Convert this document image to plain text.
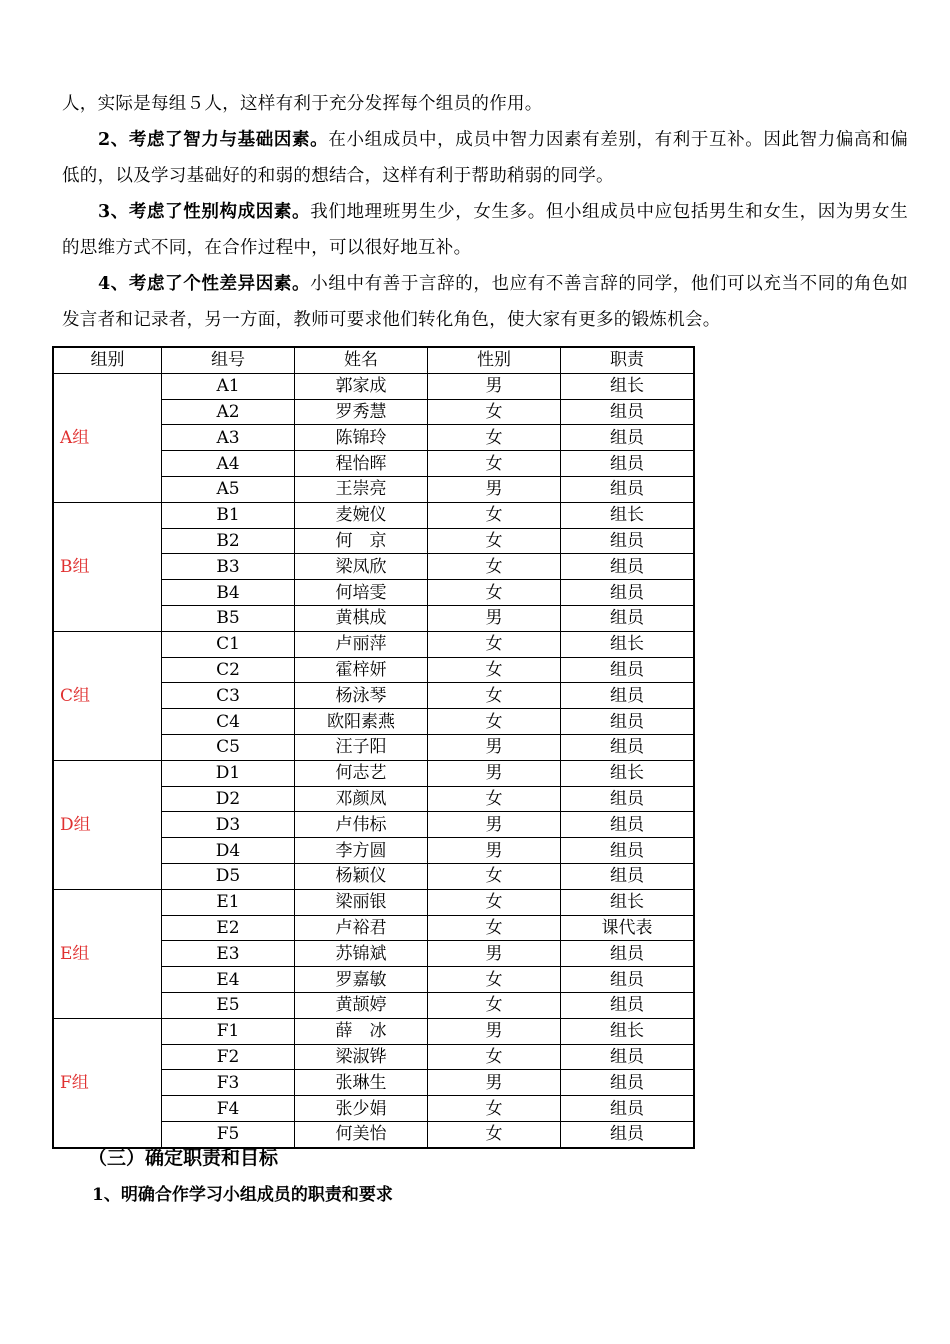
人，实际是每组５人，这样有利于充分发挥每个组员的作用。
2、考虑了智力与基础因素。在小组成员中，成员中智力因素有差别，有利于互补。因此智力偏高和偏低的，以及学习基础好的和弱的想结合，这样有利于帮助稍弱的同学。
3、考虑了性别构成因素。我们地理班男生少，女生多。但小组成员中应包括男生和女生，因为男女生的思维方式不同，在合作过程中，可以很好地互补。
4、考虑了个性差异因素。小组中有善于言辞的，也应有不善言辞的同学，他们可以充当不同的角色如发言者和记录者，另一方面，教师可要求他们转化角色，使大家有更多的锻炼机会。
组别	组号	姓名	性别	职责
A组	A1	郭家成	男	组长
	A2	罗秀慧	女	组员
	A3	陈锦玲	女	组员
	A4	程怡晖	女	组员
	A5	王崇亮	男	组员
B组	B1	麦婉仪	女	组长
	B2	何　京	女	组员
	B3	梁凤欣	女	组员
	B4	何培雯	女	组员
	B5	黄棋成	男	组员
C组	C1	卢丽萍	女	组长
	C2	霍梓妍	女	组员
	C3	杨泳琴	女	组员
	C4	欧阳素燕	女	组员
	C5	汪子阳	男	组员
D组	D1	何志艺	男	组长
	D2	邓颜凤	女	组员
	D3	卢伟标	男	组员
	D4	李方圆	男	组员
	D5	杨颖仪	女	组员
E组	E1	梁丽银	女	组长
	E2	卢裕君	女	课代表
	E3	苏锦斌	男	组员
	E4	罗嘉敏	女	组员
	E5	黄颉婷	女	组员
F组	F1	薛　冰	男	组长
	F2	梁淑铧	女	组员
	F3	张琳生	男	组员
	F4	张少娟	女	组员
	F5	何美怡	女	组员
（三）确定职责和目标
1、明确合作学习小组成员的职责和要求
